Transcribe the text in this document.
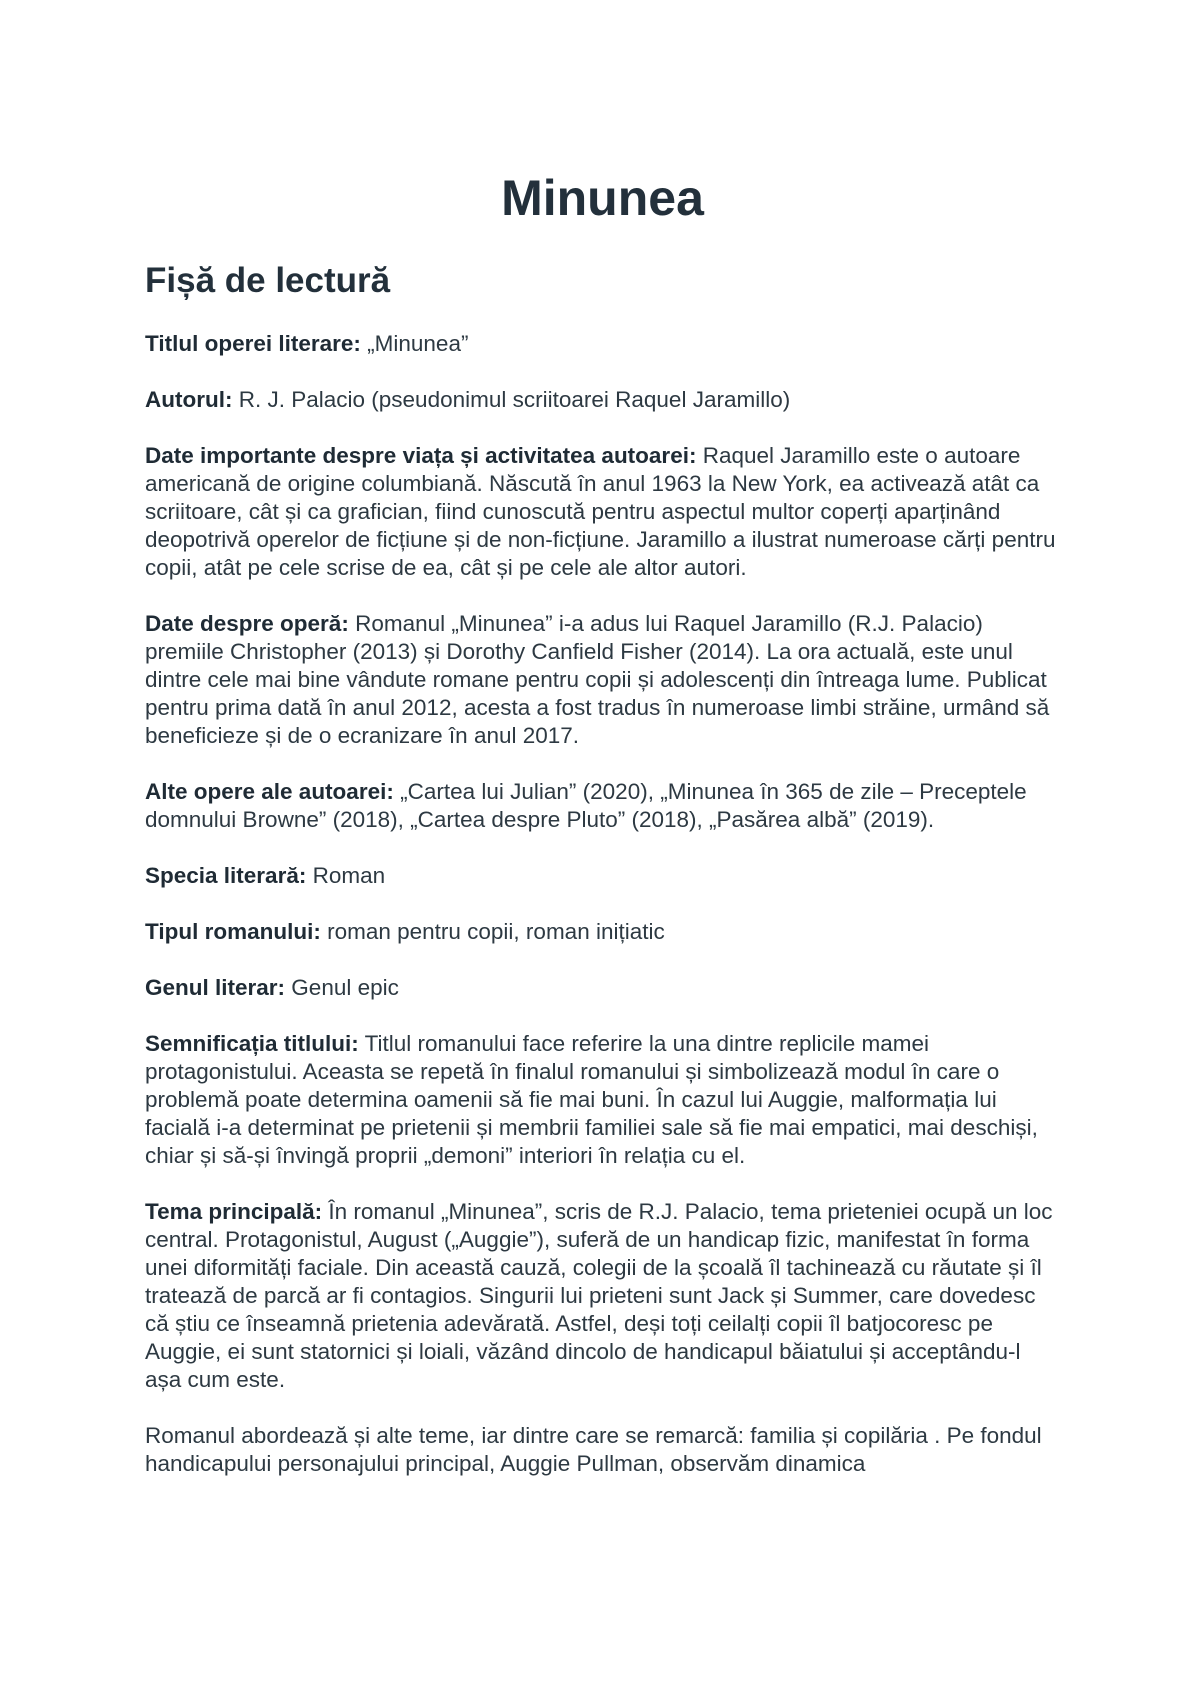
Minunea
Fișă de lectură

Titlul operei literare: „Minunea”

Autorul: R. J. Palacio (pseudonimul scriitoarei Raquel Jaramillo)

Date importante despre viața și activitatea autoarei: Raquel Jaramillo este o autoare americană de origine columbiană. Născută în anul 1963 la New York, ea activează atât ca scriitoare, cât și ca grafician, fiind cunoscută pentru aspectul multor coperți aparținând deopotrivă operelor de ficțiune și de non-ficțiune. Jaramillo a ilustrat numeroase cărți pentru copii, atât pe cele scrise de ea, cât și pe cele ale altor autori.

Date despre operă: Romanul „Minunea” i-a adus lui Raquel Jaramillo (R.J. Palacio) premiile Christopher (2013) și Dorothy Canfield Fisher (2014). La ora actuală, este unul dintre cele mai bine vândute romane pentru copii și adolescenți din întreaga lume. Publicat pentru prima dată în anul 2012, acesta a fost tradus în numeroase limbi străine, urmând să beneficieze și de o ecranizare în anul 2017.

Alte opere ale autoarei: „Cartea lui Julian” (2020), „Minunea în 365 de zile – Preceptele domnului Browne” (2018), „Cartea despre Pluto” (2018), „Pasărea albă” (2019).

Specia literară: Roman

Tipul romanului: roman pentru copii, roman inițiatic

Genul literar: Genul epic

Semnificația titlului: Titlul romanului face referire la una dintre replicile mamei protagonistului. Aceasta se repetă în finalul romanului și simbolizează modul în care o problemă poate determina oamenii să fie mai buni. În cazul lui Auggie, malformația lui facială i-a determinat pe prietenii și membrii familiei sale să fie mai empatici, mai deschiși, chiar și să-și învingă proprii „demoni” interiori în relația cu el.

Tema principală: În romanul „Minunea”, scris de R.J. Palacio, tema prieteniei ocupă un loc central. Protagonistul, August („Auggie”), suferă de un handicap fizic, manifestat în forma unei diformități faciale. Din această cauză, colegii de la școală îl tachinează cu răutate și îl tratează de parcă ar fi contagios. Singurii lui prieteni sunt Jack și Summer, care dovedesc că știu ce înseamnă prietenia adevărată. Astfel, deși toți ceilalți copii îl batjocoresc pe Auggie, ei sunt statornici și loiali, văzând dincolo de handicapul băiatului și acceptându-l așa cum este.

Romanul abordează și alte teme, iar dintre care se remarcă: familia și copilăria . Pe fondul handicapului personajului principal, Auggie Pullman, observăm dinamica
